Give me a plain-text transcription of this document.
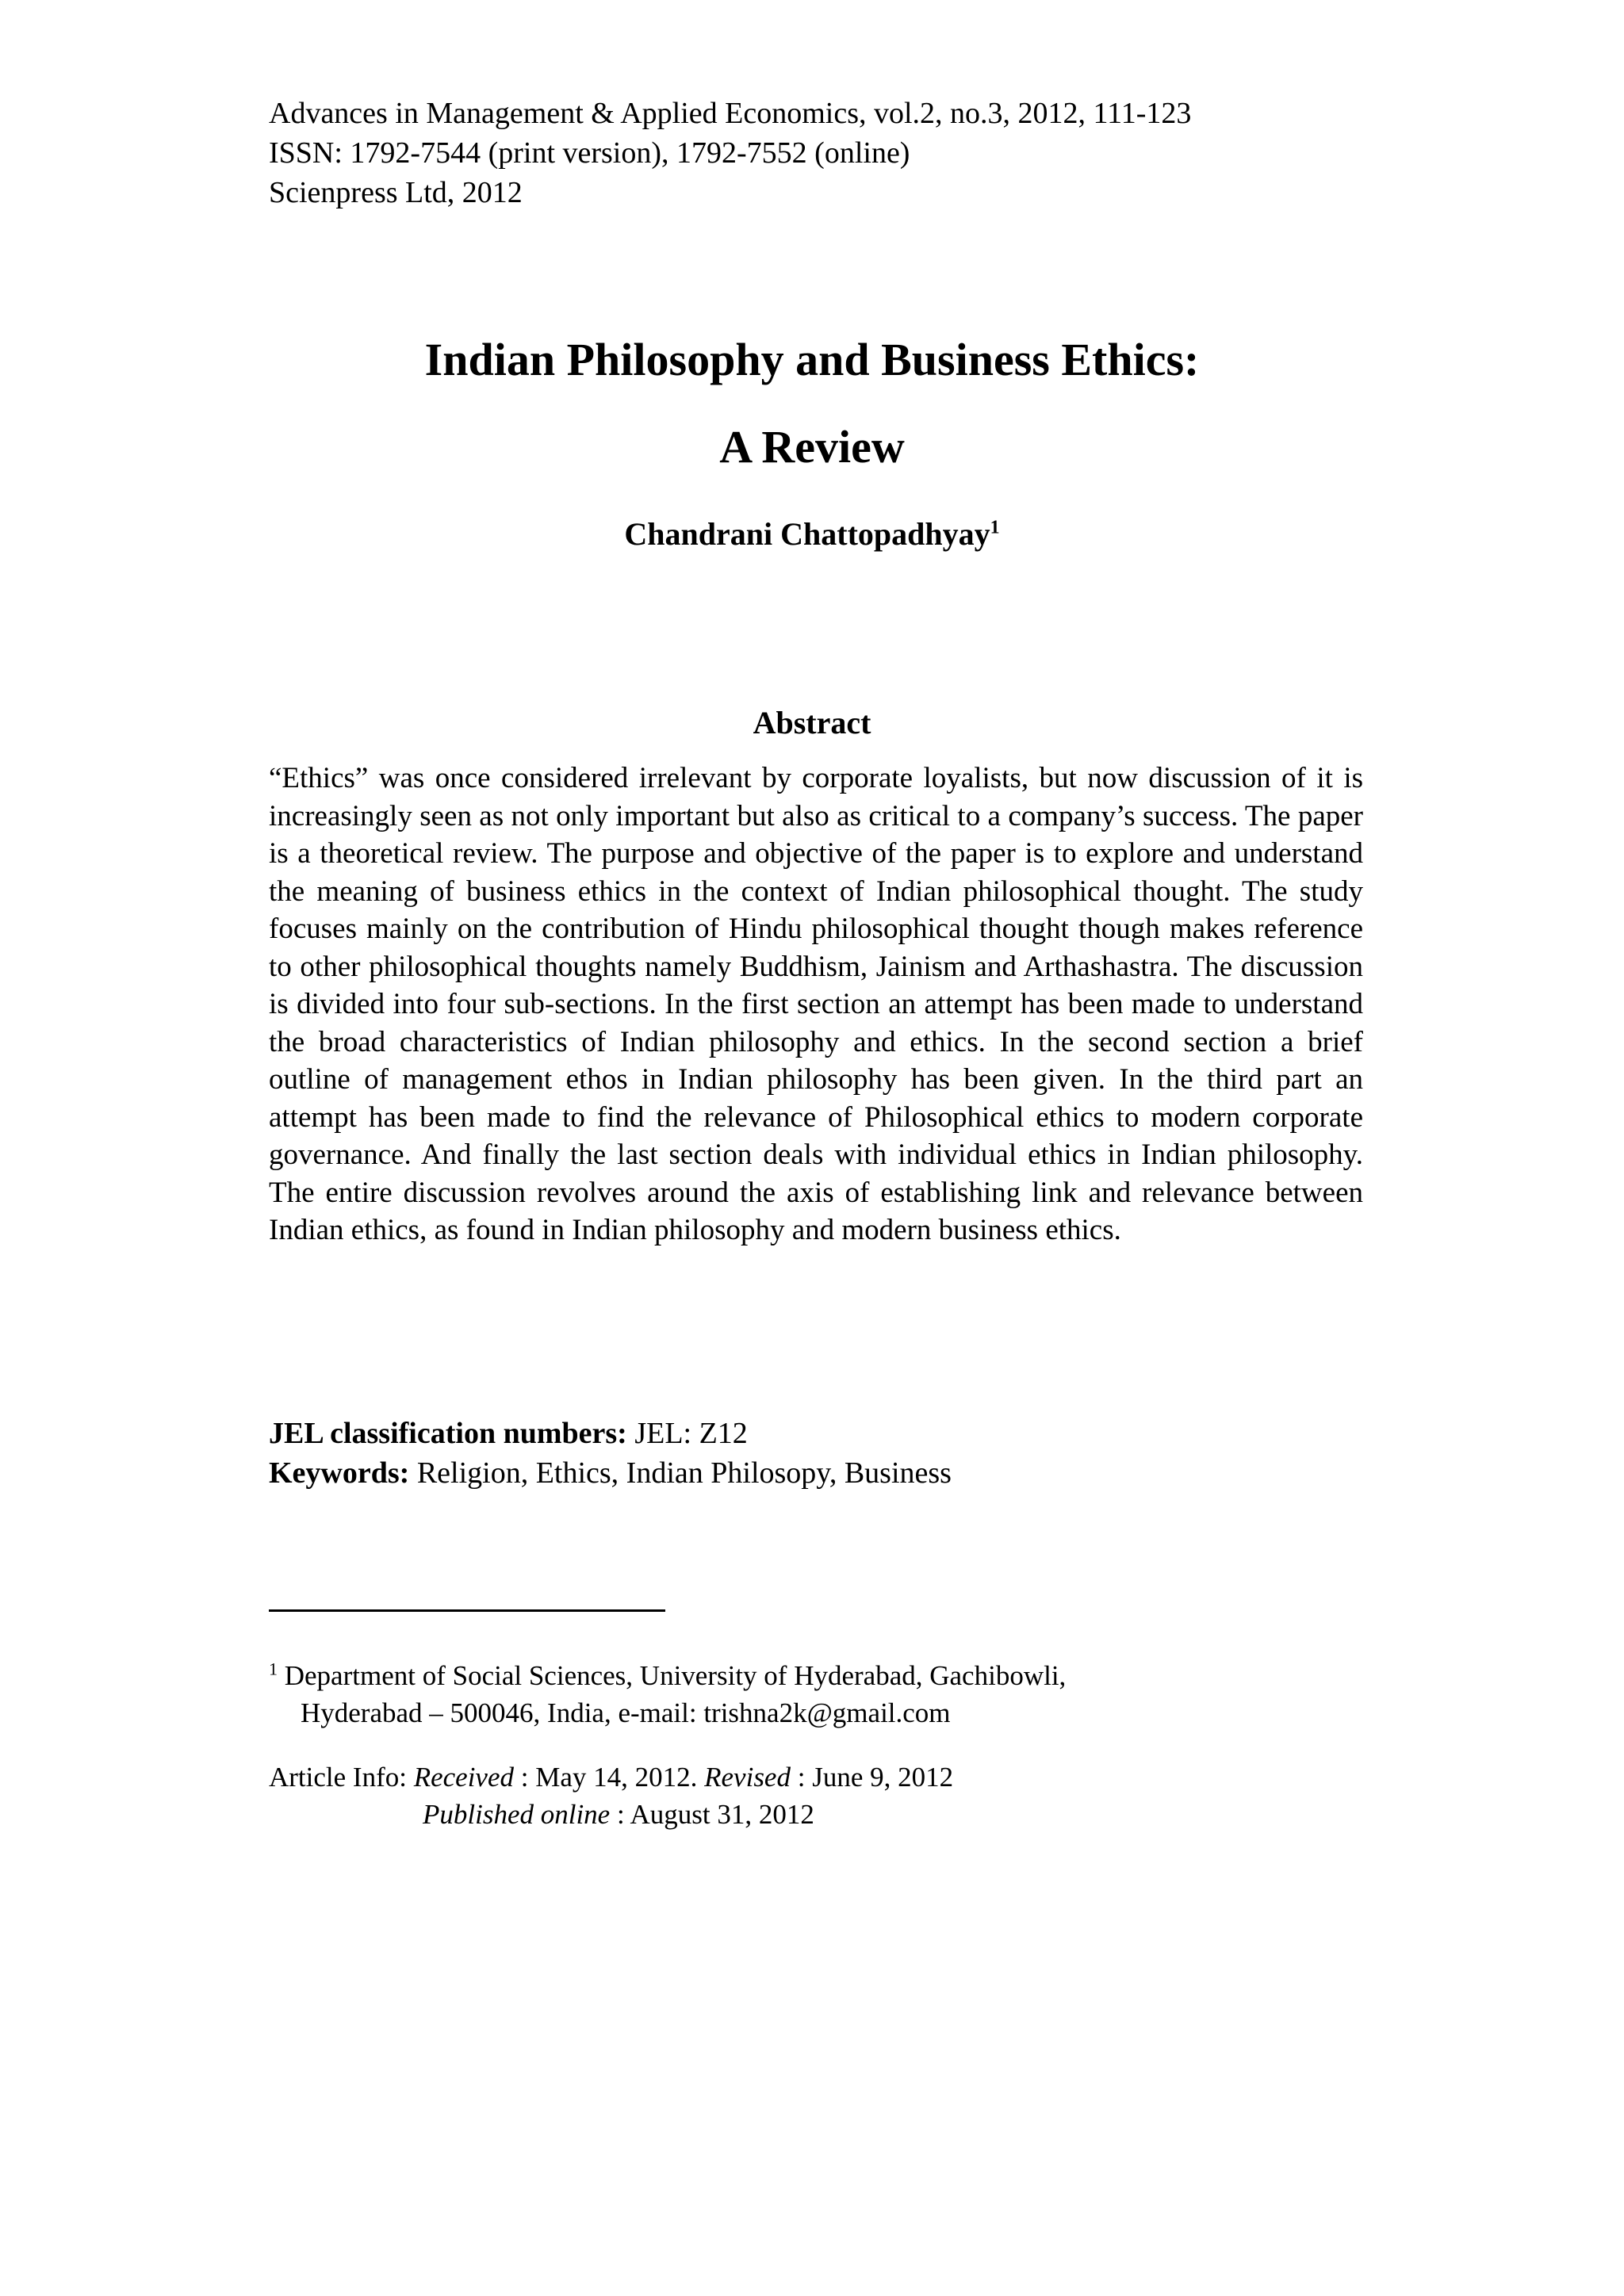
Advances in Management & Applied Economics, vol.2, no.3, 2012, 111-123
ISSN: 1792-7544 (print version), 1792-7552 (online)
Scienpress Ltd, 2012
Indian Philosophy and Business Ethics:
A Review
Chandrani Chattopadhyay$^1$
Abstract

“Ethics” was once considered irrelevant by corporate loyalists, but now discussion of it is increasingly seen as not only important but also as critical to a company’s success. The paper is a theoretical review. The purpose and objective of the paper is to explore and understand the meaning of business ethics in the context of Indian philosophical thought. The study focuses mainly on the contribution of Hindu philosophical thought though makes reference to other philosophical thoughts namely Buddhism, Jainism and Arthashastra. The discussion is divided into four sub-sections. In the first section an attempt has been made to understand the broad characteristics of Indian philosophy and ethics. In the second section a brief outline of management ethos in Indian philosophy has been given. In the third part an attempt has been made to find the relevance of Philosophical ethics to modern corporate governance. And finally the last section deals with individual ethics in Indian philosophy. The entire discussion revolves around the axis of establishing link and relevance between Indian ethics, as found in Indian philosophy and modern business ethics.

JEL classification numbers: JEL: Z12
Keywords: Religion, Ethics, Indian Philosopy, Business
$^1$ Department of Social Sciences, University of Hyderabad, Gachibowli,
Hyderabad – 500046, India, e-mail: trishna2k@gmail.com
Article Info: Received : May 14, 2012. Revised : June 9, 2012
Published online : August 31, 2012
